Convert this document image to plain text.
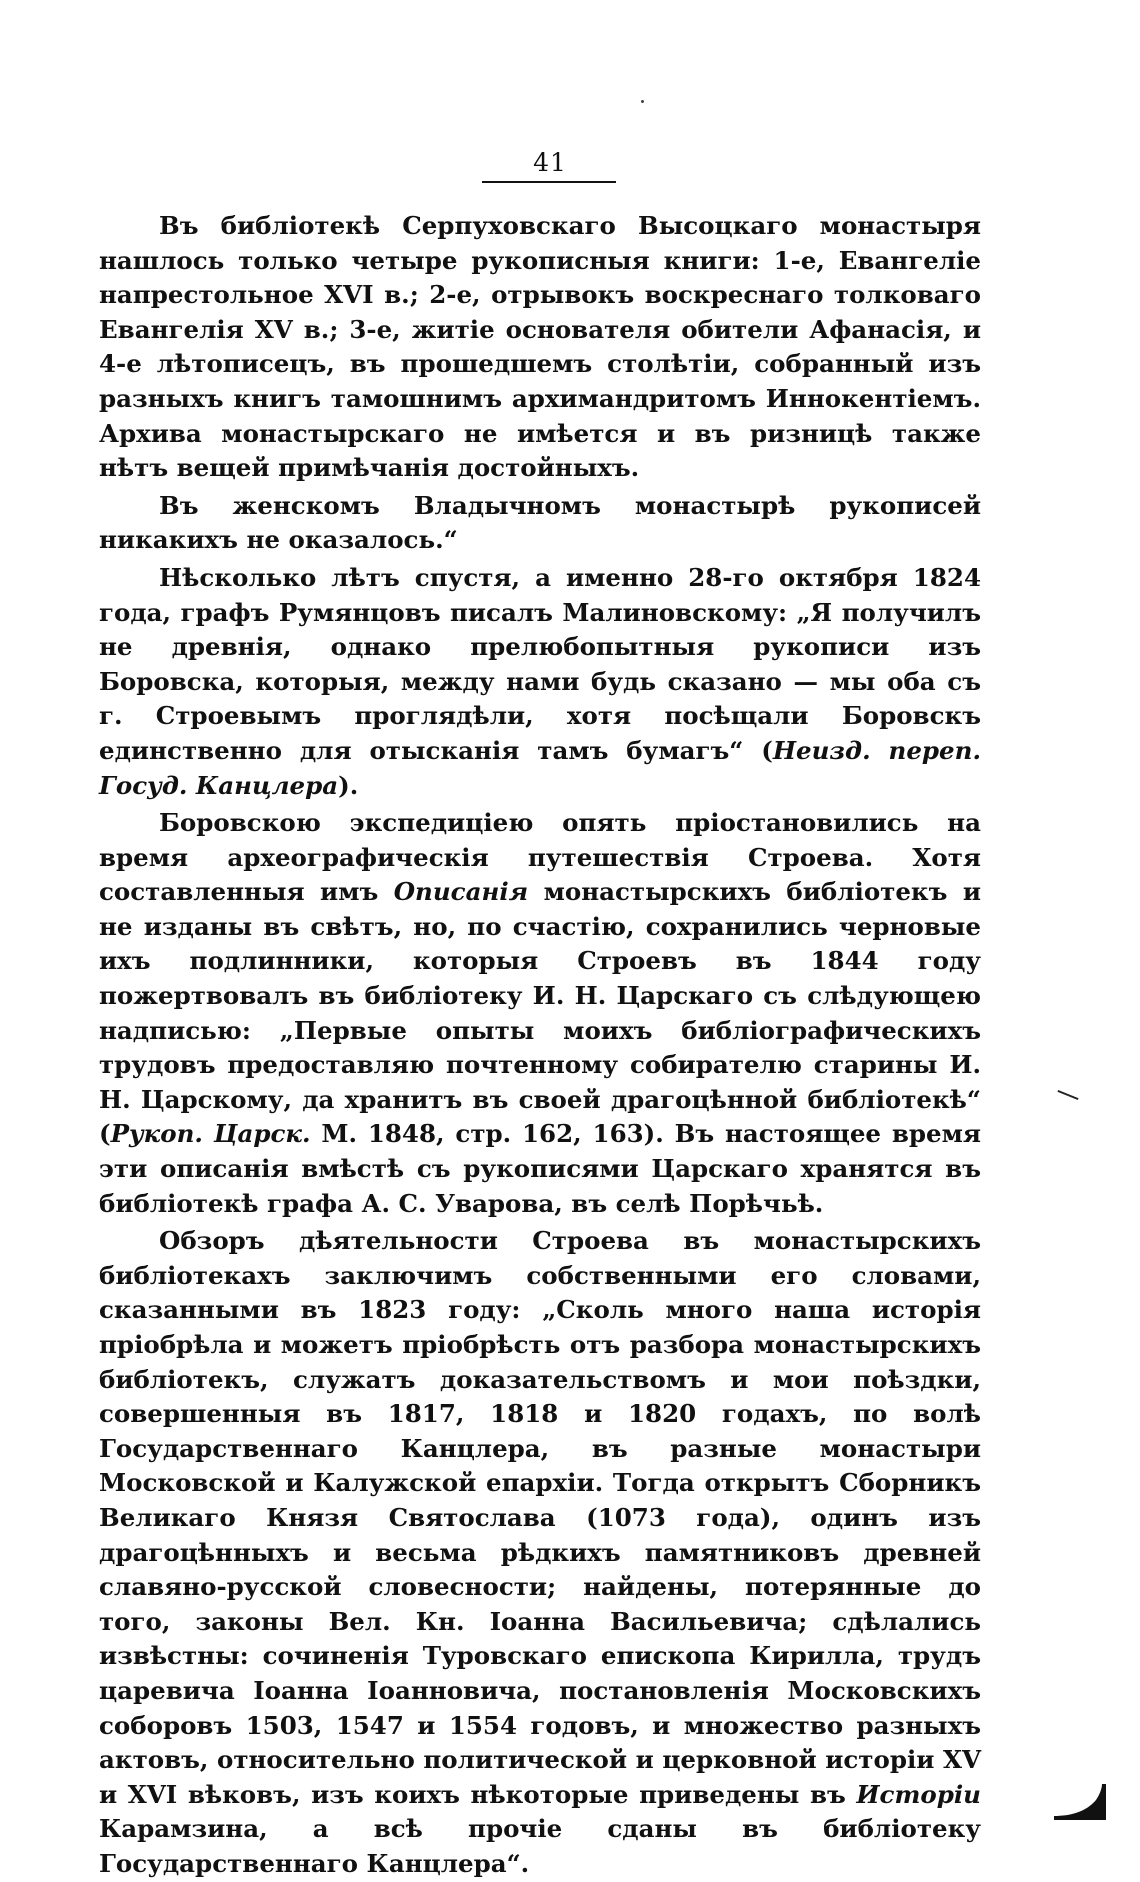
41

Въ библіотекѣ Серпуховскаго Высоцкаго монастыря нашлось только четыре рукописныя книги: 1-е, Евангеліе напрестольное XVI в.; 2-е, отрывокъ воскреснаго толковаго Евангелія XV в.; 3-е, житіе основателя обители Афанасія, и 4-е лѣтописецъ, въ прошедшемъ столѣтіи, собранный изъ разныхъ книгъ тамошнимъ архимандритомъ Иннокентіемъ. Архива монастырскаго не имѣется и въ ризницѣ также нѣтъ вещей примѣчанія достойныхъ.

Въ женскомъ Владычномъ монастырѣ рукописей никакихъ не оказалось.“

Нѣсколько лѣтъ спустя, а именно 28-го октября 1824 года, графъ Румянцовъ писалъ Малиновскому: „Я получилъ не древнія, однако прелюбопытныя рукописи изъ Боровска, которыя, между нами будь сказано — мы оба съ г. Строевымъ проглядѣли, хотя посѣщали Боровскъ единственно для отысканія тамъ бумагъ“ (Неизд. переп. Госуд. Канцлера).

Боровскою экспедиціею опять пріостановились на время археографическія путешествія Строева. Хотя составленныя имъ Описанія монастырскихъ библіотекъ и не изданы въ свѣтъ, но, по счастію, сохранились черновые ихъ подлинники, которыя Строевъ въ 1844 году пожертвовалъ въ библіотеку И. Н. Царскаго съ слѣдующею надписью: „Первые опыты моихъ библіографическихъ трудовъ предоставляю почтенному собирателю старины И. Н. Царскому, да хранитъ въ своей драгоцѣнной библіотекѣ“ (Рукоп. Царск. М. 1848, стр. 162, 163). Въ настоящее время эти описанія вмѣстѣ съ рукописями Царскаго хранятся въ библіотекѣ графа А. С. Уварова, въ селѣ Порѣчьѣ.

Обзоръ дѣятельности Строева въ монастырскихъ библіотекахъ заключимъ собственными его словами, сказанными въ 1823 году: „Сколь много наша исторія пріобрѣла и можетъ пріобрѣсть отъ разбора монастырскихъ библіотекъ, служатъ доказательствомъ и мои поѣздки, совершенныя въ 1817, 1818 и 1820 годахъ, по волѣ Государственнаго Канцлера, въ разные монастыри Московской и Калужской епархіи. Тогда открытъ Сборникъ Великаго Князя Святослава (1073 года), одинъ изъ драгоцѣнныхъ и весьма рѣдкихъ памятниковъ древней славяно-русской словесности; найдены, потерянные до того, законы Вел. Кн. Іоанна Васильевича; сдѣлались извѣстны: сочиненія Туровскаго епископа Кирилла, трудъ царевича Іоанна Іоанновича, постановленія Московскихъ соборовъ 1503, 1547 и 1554 годовъ, и множество разныхъ актовъ, относительно политической и церковной исторіи XV и XVI вѣковъ, изъ коихъ нѣкоторые приведены въ Исторіи Карамзина, а всѣ прочіе сданы въ библіотеку Государственнаго Канцлера“.
